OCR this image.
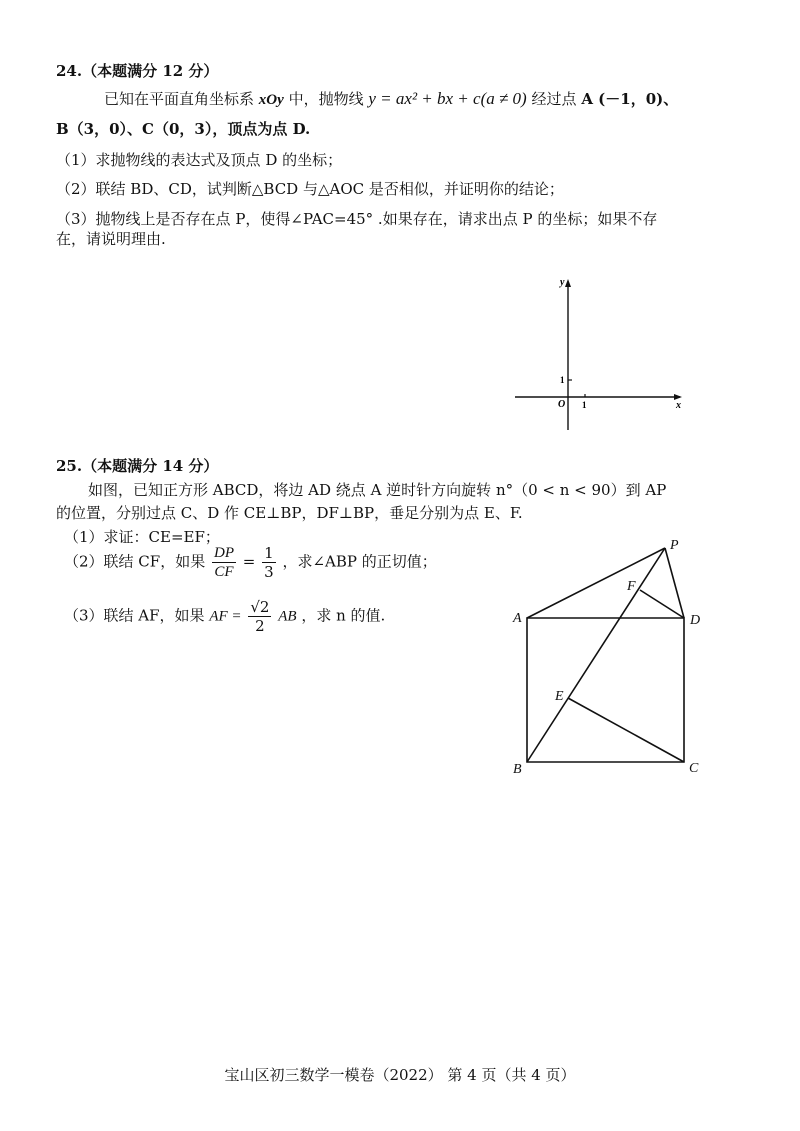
24.（本题满分 12 分）
已知在平面直角坐标系 xOy 中，抛物线 y = ax² + bx + c(a ≠ 0) 经过点 A (－1，0)、
B（3，0）、C（0，3），顶点为点 D.
（1）求抛物线的表达式及顶点 D 的坐标；
（2）联结 BD、CD，试判断△BCD 与△AOC 是否相似，并证明你的结论；
（3）抛物线上是否存在点 P，使得∠PAC=45° .如果存在，请求出点 P 的坐标；如果不存
在，请说明理由.
y
x
O 1
1
25.（本题满分 14 分）
如图，已知正方形 ABCD，将边 AD 绕点 A 逆时针方向旋转 n°（0 < n < 90）到 AP
的位置，分别过点 C、D 作 CE⊥BP，DF⊥BP，垂足分别为点 E、F.
（1）求证：CE=EF；
（2）联结 CF，如果 $\frac{DP}{CF} = \frac{1}{3}$ ，求∠ABP 的正切值；
（3）联结 AF，如果 AF = $\frac{√2}{2}$ AB ，求 n 的值.
P
F
A	D
E
B	C
宝山区初三数学一模卷（2022） 第 4 页（共 4 页）
